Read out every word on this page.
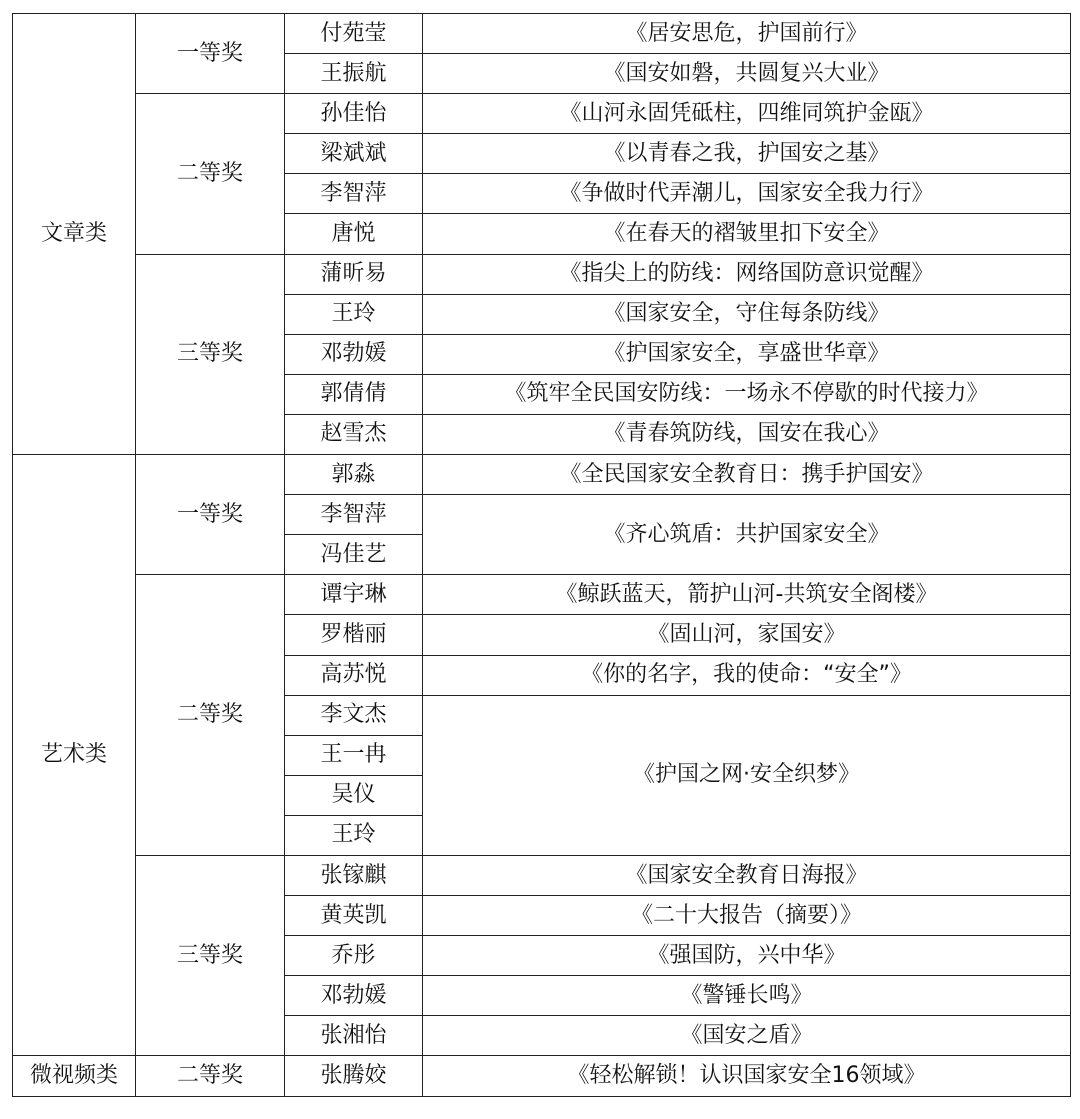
文章类	一等奖	付苑莹	《居安思危，护国前行》
		王振航	《国安如磐，共圆复兴大业》
	二等奖	孙佳怡	《山河永固凭砥柱，四维同筑护金瓯》
		梁斌斌	《以青春之我，护国安之基》
		李智萍	《争做时代弄潮儿，国家安全我力行》
		唐悦	《在春天的褶皱里扣下安全》
	三等奖	蒲昕易	《指尖上的防线：网络国防意识觉醒》
		王玲	《国家安全，守住每条防线》
		邓勃媛	《护国家安全，享盛世华章》
		郭倩倩	《筑牢全民国安防线：一场永不停歇的时代接力》
		赵雪杰	《青春筑防线，国安在我心》
艺术类	一等奖	郭淼	《全民国家安全教育日：携手护国安》
		李智萍	《齐心筑盾：共护国家安全》
		冯佳艺	
	二等奖	谭宇琳	《鲸跃蓝天，箭护山河-共筑安全阁楼》
		罗楷丽	《固山河，家国安》
		高苏悦	《你的名字，我的使命：“安全”》
		李文杰	《护国之网·安全织梦》
		王一冉	
		吴仪	
		王玲	
	三等奖	张镓麒	《国家安全教育日海报》
		黄英凯	《二十大报告（摘要）》
		乔彤	《强国防，兴中华》
		邓勃媛	《警锤长鸣》
		张湘怡	《国安之盾》
微视频类	二等奖	张腾姣	《轻松解锁！认识国家安全16领域》
